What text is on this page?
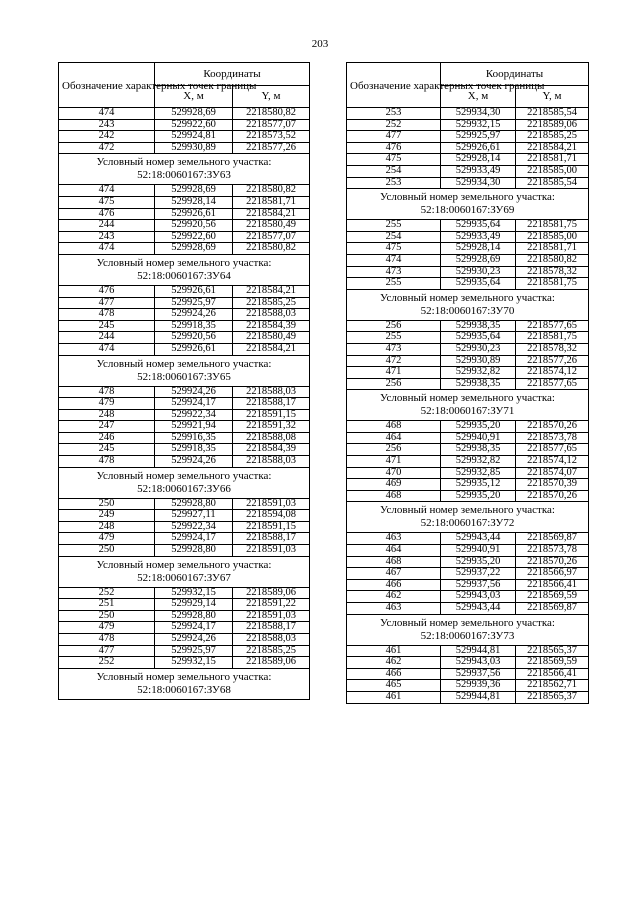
203
Обозначение характерных точек границы	Координаты	
	X, м	Y, м
474	529928,69	2218580,82
243	529922,60	2218577,07
242	529924,81	2218573,52
472	529930,89	2218577,26
Условный номер земельного участка:
52:18:0060167:ЗУ63		
474	529928,69	2218580,82
475	529928,14	2218581,71
476	529926,61	2218584,21
244	529920,56	2218580,49
243	529922,60	2218577,07
474	529928,69	2218580,82
Условный номер земельного участка:
52:18:0060167:ЗУ64		
476	529926,61	2218584,21
477	529925,97	2218585,25
478	529924,26	2218588,03
245	529918,35	2218584,39
244	529920,56	2218580,49
474	529926,61	2218584,21
Условный номер земельного участка:
52:18:0060167:ЗУ65		
478	529924,26	2218588,03
479	529924,17	2218588,17
248	529922,34	2218591,15
247	529921,94	2218591,32
246	529916,35	2218588,08
245	529918,35	2218584,39
478	529924,26	2218588,03
Условный номер земельного участка:
52:18:0060167:ЗУ66		
250	529928,80	2218591,03
249	529927,11	2218594,08
248	529922,34	2218591,15
479	529924,17	2218588,17
250	529928,80	2218591,03
Условный номер земельного участка:
52:18:0060167:ЗУ67		
252	529932,15	2218589,06
251	529929,14	2218591,22
250	529928,80	2218591,03
479	529924,17	2218588,17
478	529924,26	2218588,03
477	529925,97	2218585,25
252	529932,15	2218589,06
Условный номер земельного участка:
52:18:0060167:ЗУ68		
Обозначение характерных точек границы	Координаты	
	X, м	Y, м
253	529934,30	2218585,54
252	529932,15	2218589,06
477	529925,97	2218585,25
476	529926,61	2218584,21
475	529928,14	2218581,71
254	529933,49	2218585,00
253	529934,30	2218585,54
Условный номер земельного участка:
52:18:0060167:ЗУ69		
255	529935,64	2218581,75
254	529933,49	2218585,00
475	529928,14	2218581,71
474	529928,69	2218580,82
473	529930,23	2218578,32
255	529935,64	2218581,75
Условный номер земельного участка:
52:18:0060167:ЗУ70		
256	529938,35	2218577,65
255	529935,64	2218581,75
473	529930,23	2218578,32
472	529930,89	2218577,26
471	529932,82	2218574,12
256	529938,35	2218577,65
Условный номер земельного участка:
52:18:0060167:ЗУ71		
468	529935,20	2218570,26
464	529940,91	2218573,78
256	529938,35	2218577,65
471	529932,82	2218574,12
470	529932,85	2218574,07
469	529935,12	2218570,39
468	529935,20	2218570,26
Условный номер земельного участка:
52:18:0060167:ЗУ72		
463	529943,44	2218569,87
464	529940,91	2218573,78
468	529935,20	2218570,26
467	529937,22	2218566,97
466	529937,56	2218566,41
462	529943,03	2218569,59
463	529943,44	2218569,87
Условный номер земельного участка:
52:18:0060167:ЗУ73		
461	529944,81	2218565,37
462	529943,03	2218569,59
466	529937,56	2218566,41
465	529939,36	2218562,71
461	529944,81	2218565,37
